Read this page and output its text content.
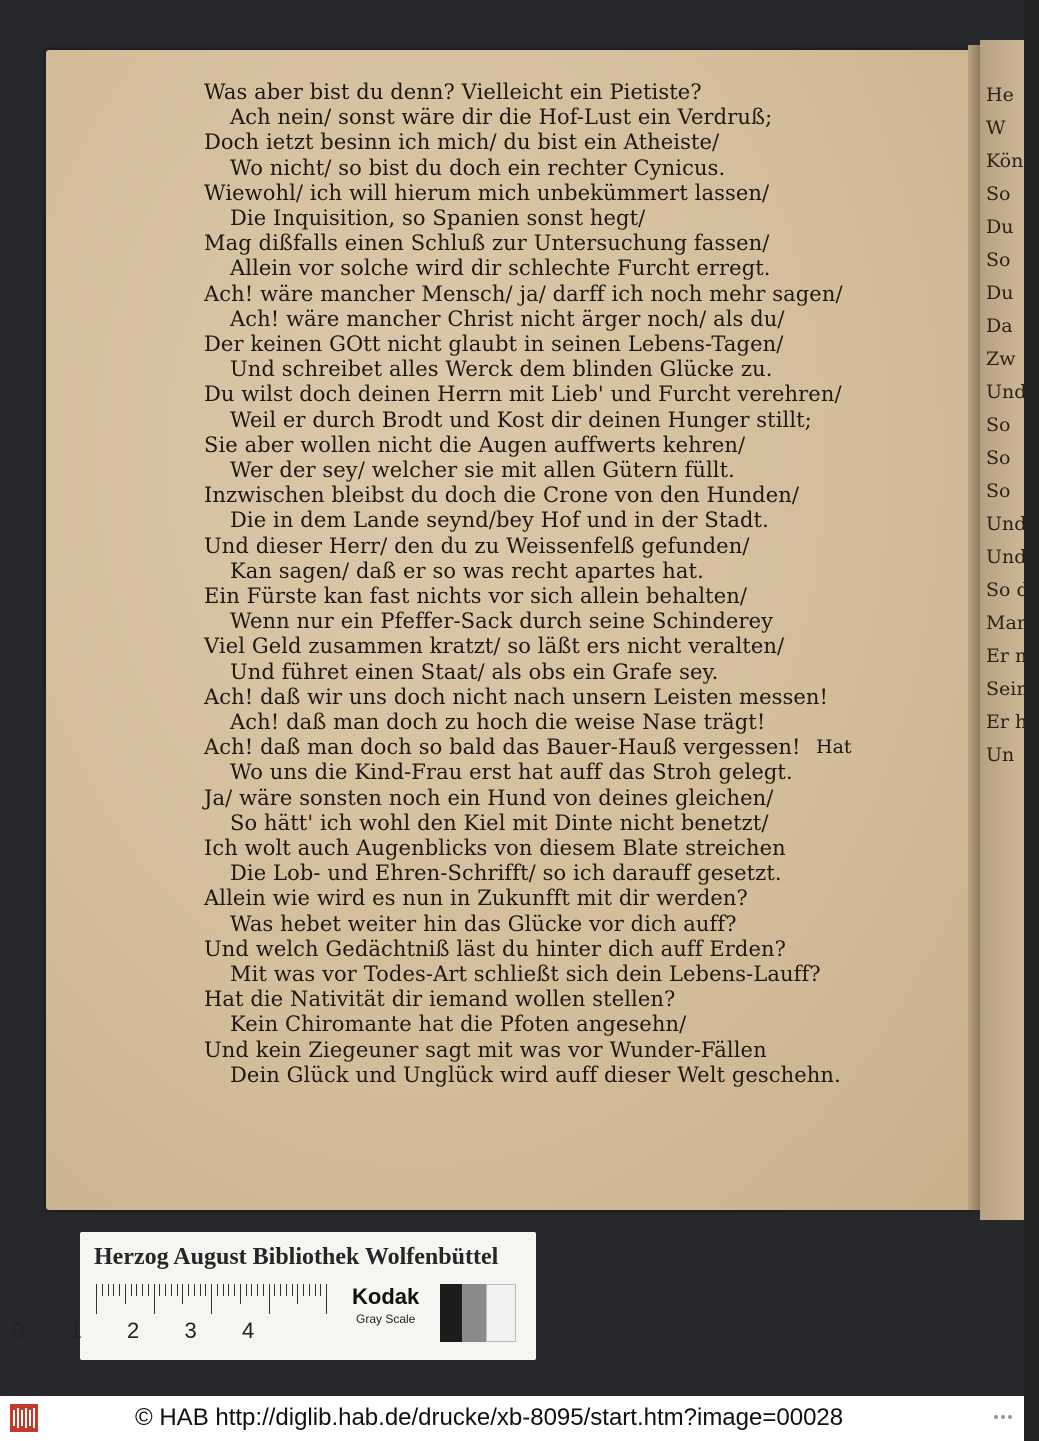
He
W
Kön
So
Du
So
Du
Da
Zw
Und
So
So
So
Und
Und
So d
Man
Er m
Sein
Er hä
Un
Was aber bist du denn? Vielleicht ein Pietiste?
Ach nein/ sonst wäre dir die Hof-Lust ein Verdruß;
Doch ietzt besinn ich mich/ du bist ein Atheiste/
Wo nicht/ so bist du doch ein rechter Cynicus.
Wiewohl/ ich will hierum mich unbekümmert lassen/
Die Inquisition, so Spanien sonst hegt/
Mag dißfalls einen Schluß zur Untersuchung fassen/
Allein vor solche wird dir schlechte Furcht erregt.
Ach! wäre mancher Mensch/ ja/ darff ich noch mehr sagen/
Ach! wäre mancher Christ nicht ärger noch/ als du/
Der keinen GOtt nicht glaubt in seinen Lebens-Tagen/
Und schreibet alles Werck dem blinden Glücke zu.
Du wilst doch deinen Herrn mit Lieb' und Furcht verehren/
Weil er durch Brodt und Kost dir deinen Hunger stillt;
Sie aber wollen nicht die Augen auffwerts kehren/
Wer der sey/ welcher sie mit allen Gütern füllt.
Inzwischen bleibst du doch die Crone von den Hunden/
Die in dem Lande seynd/bey Hof und in der Stadt.
Und dieser Herr/ den du zu Weissenfelß gefunden/
Kan sagen/ daß er so was recht apartes hat.
Ein Fürste kan fast nichts vor sich allein behalten/
Wenn nur ein Pfeffer-Sack durch seine Schinderey
Viel Geld zusammen kratzt/ so läßt ers nicht veralten/
Und führet einen Staat/ als obs ein Grafe sey.
Ach! daß wir uns doch nicht nach unsern Leisten messen!
Ach! daß man doch zu hoch die weise Nase trägt!
Ach! daß man doch so bald das Bauer-Hauß vergessen!
Wo uns die Kind-Frau erst hat auff das Stroh gelegt.
Ja/ wäre sonsten noch ein Hund von deines gleichen/
So hätt' ich wohl den Kiel mit Dinte nicht benetzt/
Ich wolt auch Augenblicks von diesem Blate streichen
Die Lob- und Ehren-Schrifft/ so ich darauff gesetzt.
Allein wie wird es nun in Zukunfft mit dir werden?
Was hebet weiter hin das Glücke vor dich auff?
Und welch Gedächtniß läst du hinter dich auff Erden?
Mit was vor Todes-Art schließt sich dein Lebens-Lauff?
Hat die Nativität dir iemand wollen stellen?
Kein Chiromante hat die Pfoten angesehn/
Und kein Ziegeuner sagt mit was vor Wunder-Fällen
Dein Glück und Unglück wird auff dieser Welt geschehn.
Hat
Herzog August Bibliothek Wolfenbüttel
Kodak
Gray Scale
© HAB http://diglib.hab.de/drucke/xb-8095/start.htm?image=00028
0 1 2 3 4
